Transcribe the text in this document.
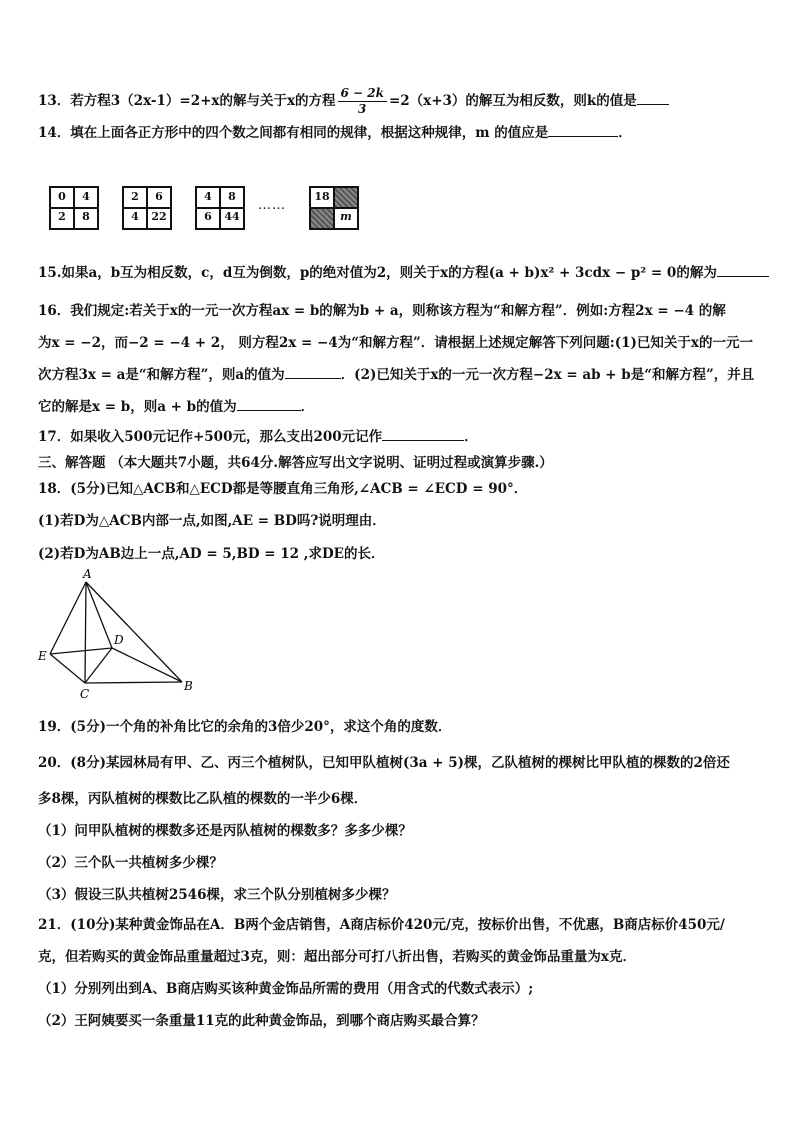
13．若方程3（2x-1）=2+x的解与关于x的方程 $\frac{6 - 2k}{3} =2(x+3)$的解互为相反数，则k的值是
14．填在上面各正方形中的四个数之间都有相同的规律，根据这种规律，m 的值应是	．
0	4
2	8
2	6
4	22
4	8
6	44
……
18
m
15.如果a，b互为相反数，c，d互为倒数，p的绝对值为2，则关于x的方程(a + b)x² + 3cdx − p² = 0的解为
16．我们规定:若关于x的一元一次方程ax = b的解为b + a，则称该方程为“和解方程”．例如:方程2x = −4 的解
为x = −2，而−2 = −4 + 2， 则方程2x = −4为“和解方程”．请根据上述规定解答下列问题:(1)已知关于x的一元一
次方程3x = a是“和解方程”，则a的值为	．(2)已知关于x的一元一次方程−2x = ab + b是“和解方程”，并且
它的解是x = b，则a + b的值为	．
17．如果收入500元记作+500元，那么支出200元记作	．
三、解答题 （本大题共7小题，共64分.解答应写出文字说明、证明过程或演算步骤.）
18．(5分)已知△ACB和△ECD都是等腰直角三角形,∠ACB = ∠ECD = 90°．
(1)若D为△ACB内部一点,如图,AE = BD吗?说明理由．
(2)若D为AB边上一点,AD = 5,BD = 12 ,求DE的长．
A
B
C
D
E
19．(5分)一个角的补角比它的余角的3倍少20°，求这个角的度数．
20．(8分)某园林局有甲、乙、丙三个植树队，已知甲队植树(3a + 5)棵，乙队植树的棵树比甲队植的棵数的2倍还
多8棵，丙队植树的棵数比乙队植的棵数的一半少6棵．
（1）问甲队植树的棵数多还是丙队植树的棵数多？多多少棵？
（2）三个队一共植树多少棵？
（3）假设三队共植树2546棵，求三个队分别植树多少棵？
21．(10分)某种黄金饰品在A．B两个金店销售，A商店标价420元/克，按标价出售，不优惠，B商店标价450元/
克，但若购买的黄金饰品重量超过3克，则：超出部分可打八折出售，若购买的黄金饰品重量为x克．
（1）分别列出到A、B商店购买该种黄金饰品所需的费用（用含式的代数式表示）;
（2）王阿姨要买一条重量11克的此种黄金饰品，到哪个商店购买最合算？
